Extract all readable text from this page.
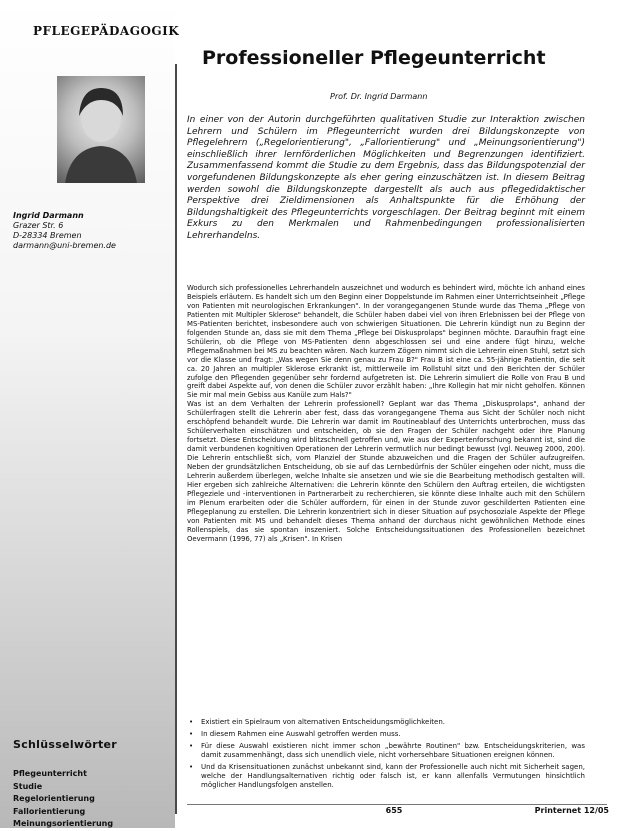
PFLEGEPÄDAGOGIK
Ingrid Darmann
Grazer Str. 6
D-28334 Bremen
darmann@uni-bremen.de
Professioneller Pflegeunterricht
Prof. Dr. Ingrid Darmann
In einer von der Autorin durchgeführten qualitativen Studie zur Interaktion zwischen Lehrern und Schülern im Pflegeunterricht wurden drei Bildungskonzepte von Pflegelehrern („Regelorientierung", „Fallorientierung" und „Meinungsorientierung") einschließlich ihrer lernförderlichen Möglichkeiten und Begrenzungen identifiziert. Zusammenfassend kommt die Studie zu dem Ergebnis, dass das Bildungspotenzial der vorgefundenen Bildungskonzepte als eher gering einzuschätzen ist. In diesem Beitrag werden sowohl die Bildungskonzepte dargestellt als auch aus pflegedidaktischer Perspektive drei Zieldimensionen als Anhaltspunkte für die Erhöhung der Bildungshaltigkeit des Pflegeunterrichts vorgeschlagen. Der Beitrag beginnt mit einem Exkurs zu den Merkmalen und Rahmenbedingungen professionalisierten Lehrerhandelns.

Wodurch sich professionelles Lehrerhandeln auszeichnet und wodurch es behindert wird, möchte ich anhand eines Beispiels erläutern. Es handelt sich um den Beginn einer Doppelstunde im Rahmen einer Unterrichtseinheit „Pflege von Patienten mit neurologischen Erkrankungen". In der vorangegangenen Stunde wurde das Thema „Pflege von Patienten mit Multipler Sklerose" behandelt, die Schüler haben dabei viel von ihren Erlebnissen bei der Pflege von MS-Patienten berichtet, insbesondere auch von schwierigen Situationen. Die Lehrerin kündigt nun zu Beginn der folgenden Stunde an, dass sie mit dem Thema „Pflege bei Diskusprolaps" beginnen möchte. Daraufhin fragt eine Schülerin, ob die Pflege von MS-Patienten denn abgeschlossen sei und eine andere fügt hinzu, welche Pflegemaßnahmen bei MS zu beachten wären. Nach kurzem Zögern nimmt sich die Lehrerin einen Stuhl, setzt sich vor die Klasse und fragt: „Was wegen Sie denn genau zu Frau B?" Frau B ist eine ca. 55-jährige Patientin, die seit ca. 20 Jahren an multipler Sklerose erkrankt ist, mittlerweile im Rollstuhl sitzt und den Berichten der Schüler zufolge den Pflegenden gegenüber sehr fordernd aufgetreten ist. Die Lehrerin simuliert die Rolle von Frau B und greift dabei Aspekte auf, von denen die Schüler zuvor erzählt haben: „Ihre Kollegin hat mir nicht geholfen. Können Sie mir mal mein Gebiss aus Kanüle zum Hals?"

Was ist an dem Verhalten der Lehrerin professionell? Geplant war das Thema „Diskusprolaps", anhand der Schülerfragen stellt die Lehrerin aber fest, dass das vorangegangene Thema aus Sicht der Schüler noch nicht erschöpfend behandelt wurde. Die Lehrerin war damit im Routineablauf des Unterrichts unterbrochen, muss das Schülerverhalten einschätzen und entscheiden, ob sie den Fragen der Schüler nachgeht oder ihre Planung fortsetzt. Diese Entscheidung wird blitzschnell getroffen und, wie aus der Expertenforschung bekannt ist, sind die damit verbundenen kognitiven Operationen der Lehrerin vermutlich nur bedingt bewusst (vgl. Neuweg 2000, 200). Die Lehrerin entschließt sich, vom Planziel der Stunde abzuweichen und die Fragen der Schüler aufzugreifen. Neben der grundsätzlichen Entscheidung, ob sie auf das Lernbedürfnis der Schüler eingehen oder nicht, muss die Lehrerin außerdem überlegen, welche Inhalte sie ansetzen und wie sie die Bearbeitung methodisch gestalten will. Hier ergeben sich zahlreiche Alternativen: die Lehrerin könnte den Schülern den Auftrag erteilen, die wichtigsten Pflegeziele und -interventionen in Partnerarbeit zu recherchieren, sie könnte diese Inhalte auch mit den Schülern im Plenum erarbeiten oder die Schüler auffordern, für einen in der Stunde zuvor geschilderten Patienten eine Pflegeplanung zu erstellen. Die Lehrerin konzentriert sich in dieser Situation auf psychosoziale Aspekte der Pflege von Patienten mit MS und behandelt dieses Thema anhand der durchaus nicht gewöhnlichen Methode eines Rollenspiels, das sie spontan inszeniert. Solche Entscheidungssituationen des Professionellen bezeichnet Oevermann (1996, 77) als „Krisen". In Krisen

• Existiert ein Spielraum von alternativen Entscheidungsmöglichkeiten.
• In diesem Rahmen eine Auswahl getroffen werden muss.
• Für diese Auswahl existieren nicht immer schon „bewährte Routinen" bzw. Entscheidungskriterien, was damit zusammenhängt, dass sich unendlich viele, nicht vorhersehbare Situationen ereignen können.
• Und da Krisensituationen zunächst unbekannt sind, kann der Professionelle auch nicht mit Sicherheit sagen, welche der Handlungsalternativen richtig oder falsch ist, er kann allenfalls Vermutungen hinsichtlich möglicher Handlungsfolgen anstellen.
Schlüsselwörter
Pflegeunterricht
Studie
Regelorientierung
Fallorientierung
Meinungsorientierung
655	Printernet 12/05
